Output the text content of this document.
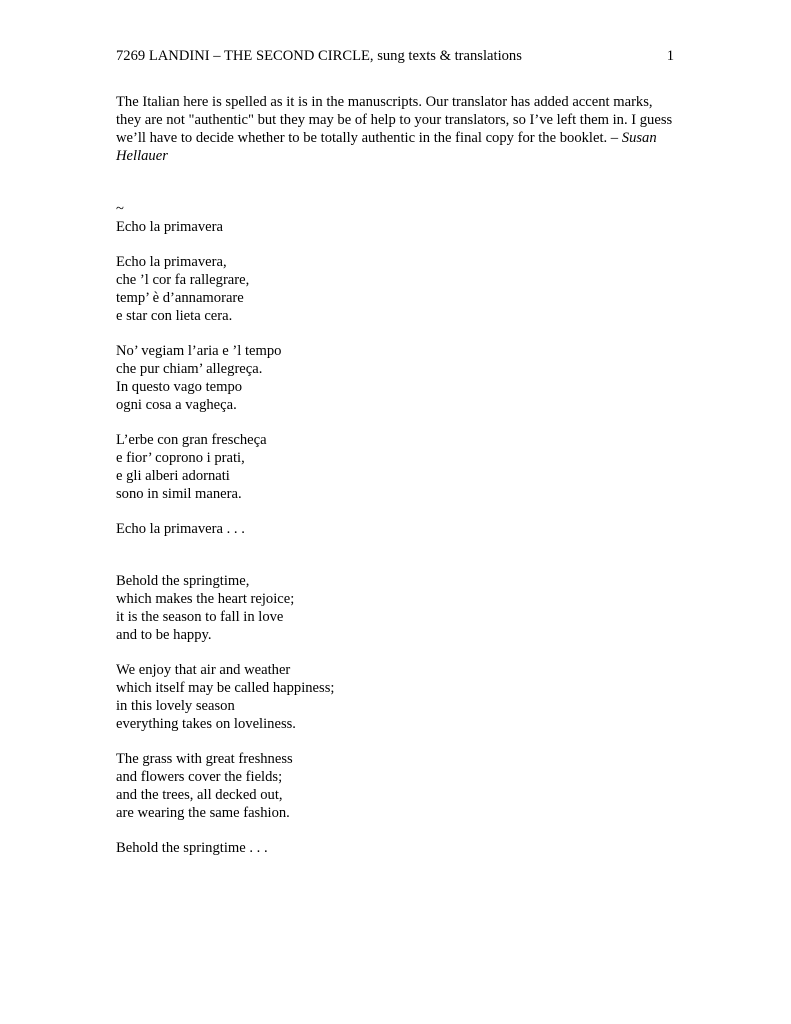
7269 LANDINI – THE SECOND CIRCLE, sung texts & translations	1
The Italian here is spelled as it is in the manuscripts. Our translator has added accent marks, they are not "authentic" but they may be of help to your translators, so I’ve left them in. I guess we’ll have to decide whether to be totally authentic in the final copy for the booklet. – Susan Hellauer
~
Echo la primavera
Echo la primavera,
che ’l cor fa rallegrare,
temp’ è d’annamorare
e star con lieta cera.
No’ vegiam l’aria e ’l tempo
che pur chiam’ allegreça.
In questo vago tempo
ogni cosa a vagheça.
L’erbe con gran frescheça
e fior’ coprono i prati,
e gli alberi adornati
sono in simil manera.
Echo la primavera . . .
Behold the springtime,
which makes the heart rejoice;
it is the season to fall in love
and to be happy.
We enjoy that air and weather
which itself may be called happiness;
in this lovely season
everything takes on loveliness.
The grass with great freshness
and flowers cover the fields;
and the trees, all decked out,
are wearing the same fashion.
Behold the springtime . . .
